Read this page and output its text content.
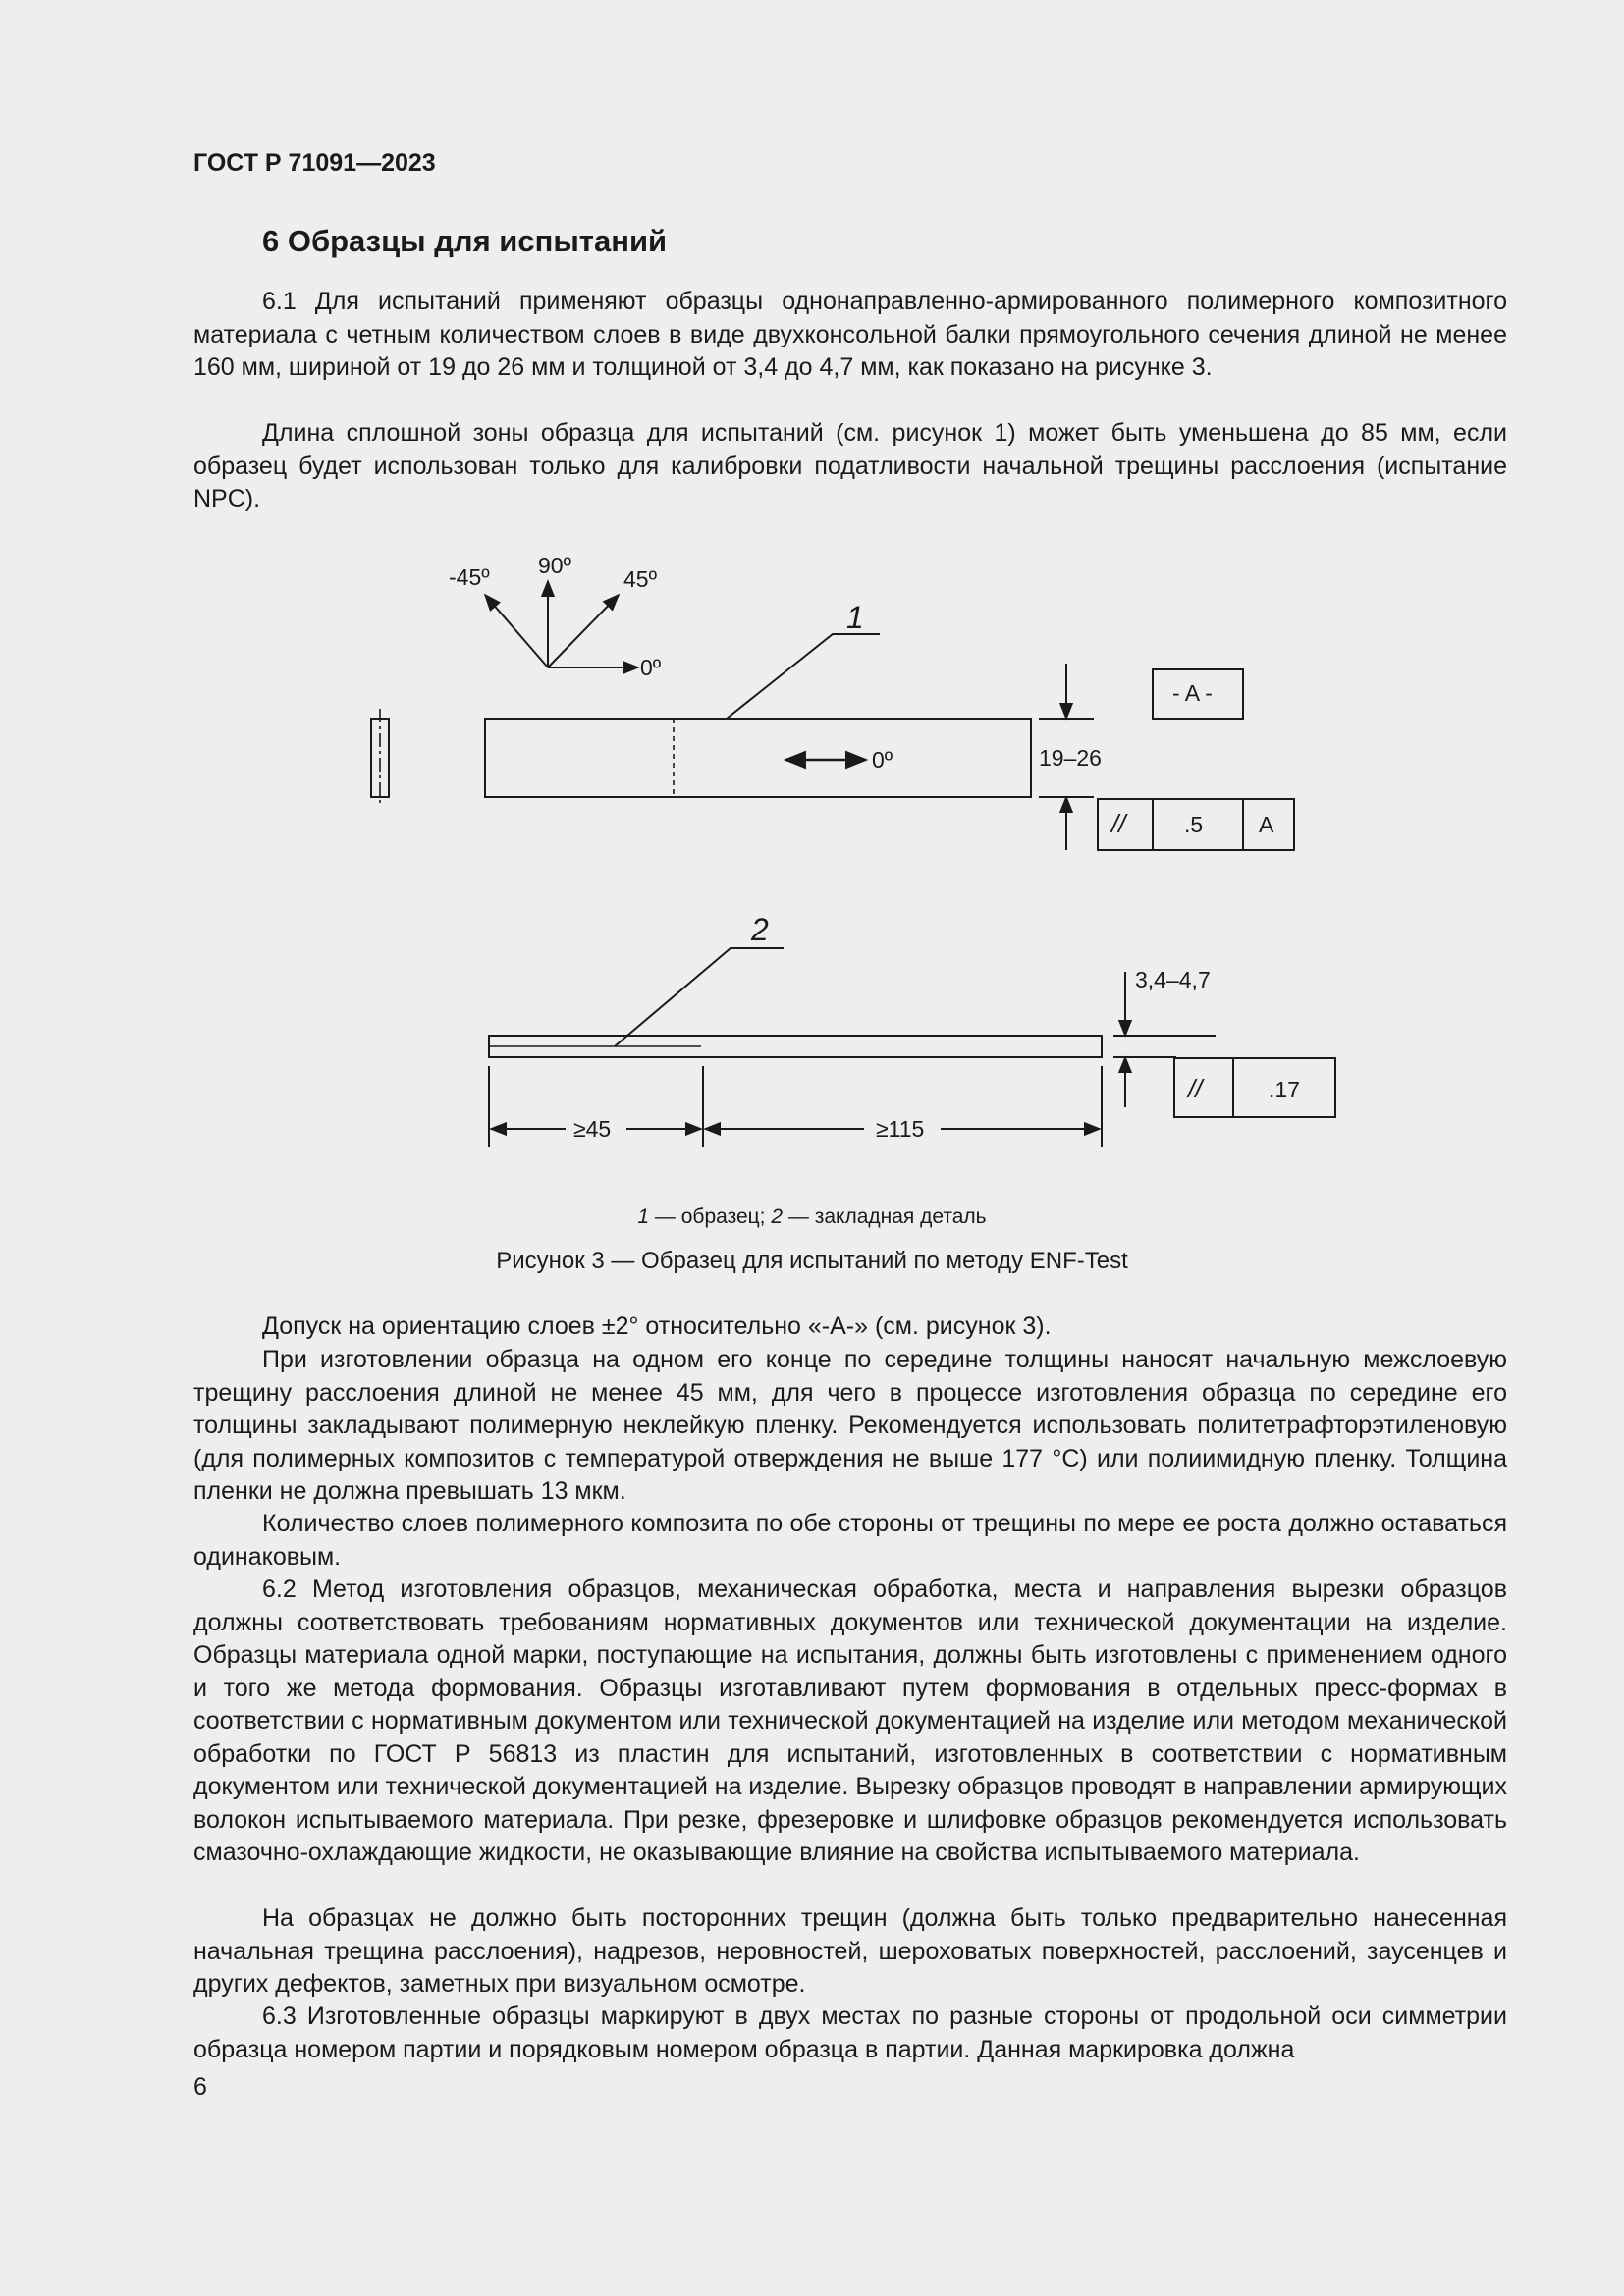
ГОСТ Р 71091—2023

6 Образцы для испытаний

6.1 Для испытаний применяют образцы однонаправленно-армированного полимерного композитного материала с четным количеством слоев в виде двухконсольной балки прямоугольного сечения длиной не менее 160 мм, шириной от 19 до 26 мм и толщиной от 3,4 до 4,7 мм, как показано на рисунке 3.

Длина сплошной зоны образца для испытаний (см. рисунок 1) может быть уменьшена до 85 мм, если образец будет использован только для калибровки податливости начальной трещины расслоения (испытание NPC).

-45º 90º
45º
0º
0º
1
- A -
19–26
//	.5 A
2
3,4–4,7
//	.17
≥45	≥115

1 — образец; 2 — закладная деталь

Рисунок 3 — Образец для испытаний по методу ENF-Test

Допуск на ориентацию слоев ±2° относительно «-А-» (см. рисунок 3).

При изготовлении образца на одном его конце по середине толщины наносят начальную межслоевую трещину расслоения длиной не менее 45 мм, для чего в процессе изготовления образца по середине его толщины закладывают полимерную неклейкую пленку. Рекомендуется использовать политетрафторэтиленовую (для полимерных композитов с температурой отверждения не выше 177 °С) или полиимидную пленку. Толщина пленки не должна превышать 13 мкм.

Количество слоев полимерного композита по обе стороны от трещины по мере ее роста должно оставаться одинаковым.

6.2 Метод изготовления образцов, механическая обработка, места и направления вырезки образцов должны соответствовать требованиям нормативных документов или технической документации на изделие. Образцы материала одной марки, поступающие на испытания, должны быть изготовлены с применением одного и того же метода формования. Образцы изготавливают путем формования в отдельных пресс-формах в соответствии с нормативным документом или технической документацией на изделие или методом механической обработки по ГОСТ Р 56813 из пластин для испытаний, изготовленных в соответствии с нормативным документом или технической документацией на изделие. Вырезку образцов проводят в направлении армирующих волокон испытываемого материала. При резке, фрезеровке и шлифовке образцов рекомендуется использовать смазочно-охлаждающие жидкости, не оказывающие влияние на свойства испытываемого материала.

На образцах не должно быть посторонних трещин (должна быть только предварительно нанесенная начальная трещина расслоения), надрезов, неровностей, шероховатых поверхностей, расслоений, заусенцев и других дефектов, заметных при визуальном осмотре.

6.3 Изготовленные образцы маркируют в двух местах по разные стороны от продольной оси симметрии образца номером партии и порядковым номером образца в партии. Данная маркировка должна

6
